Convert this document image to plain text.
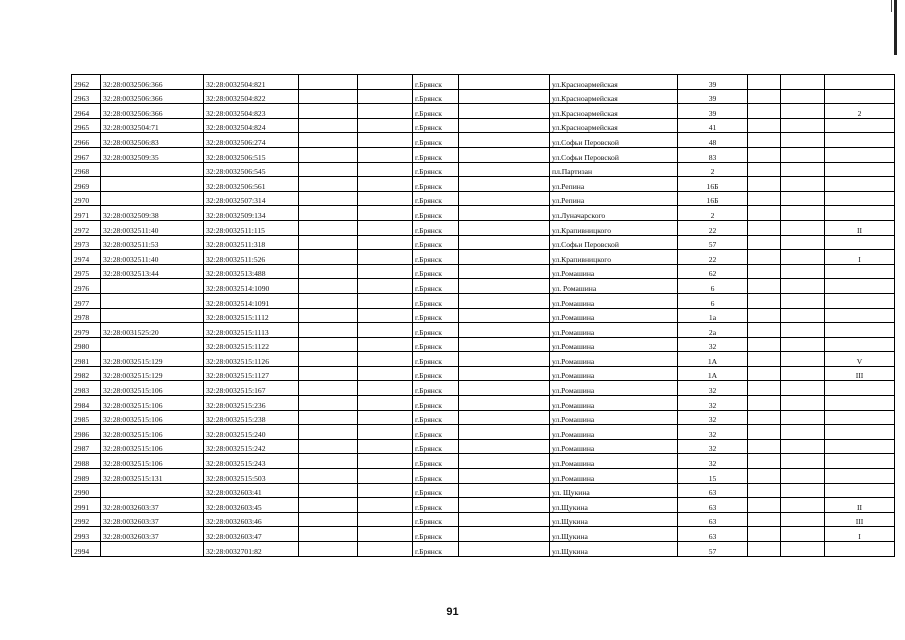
2962	32:28:0032506:366	32:28:0032504:821			г.Брянск		ул.Красноармейская	39			
2963	32:28:0032506:366	32:28:0032504:822			г.Брянск		ул.Красноармейская	39			
2964	32:28:0032506:366	32:28:0032504:823			г.Брянск		ул.Красноармейская	39			2
2965	32:28:0032504:71	32:28:0032504:824			г.Брянск		ул.Красноармейская	41			
2966	32:28:0032506:83	32:28:0032506:274			г.Брянск		ул.Софьи Перовской	48			
2967	32:28:0032509:35	32:28:0032506:515			г.Брянск		ул.Софьи Перовской	83			
2968		32:28:0032506:545			г.Брянск		пл.Партизан	2			
2969		32:28:0032506:561			г.Брянск		ул.Репина	16Б			
2970		32:28:0032507:314			г.Брянск		ул.Репина	16Б			
2971	32:28:0032509:38	32:28:0032509:134			г.Брянск		ул.Луначарского	2			
2972	32:28:0032511:40	32:28:0032511:115			г.Брянск		ул.Крапивницкого	22			II
2973	32:28:0032511:53	32:28:0032511:318			г.Брянск		ул.Софьи Перовской	57			
2974	32:28:0032511:40	32:28:0032511:526			г.Брянск		ул.Крапивницкого	22			I
2975	32:28:0032513:44	32:28:0032513:488			г.Брянск		ул.Ромашина	62			
2976		32:28:0032514:1090			г.Брянск		ул. Ромашина	6			
2977		32:28:0032514:1091			г.Брянск		ул.Ромашина	6			
2978		32:28:0032515:1112			г.Брянск		ул.Ромашина	1а			
2979	32:28:0031525:20	32:28:0032515:1113			г.Брянск		ул.Ромашина	2а			
2980		32:28:0032515:1122			г.Брянск		ул.Ромашина	32			
2981	32:28:0032515:129	32:28:0032515:1126			г.Брянск		ул.Ромашина	1А			V
2982	32:28:0032515:129	32:28:0032515:1127			г.Брянск		ул.Ромашина	1А			III
2983	32:28:0032515:106	32:28:0032515:167			г.Брянск		ул.Ромашина	32			
2984	32:28:0032515:106	32:28:0032515:236			г.Брянск		ул.Ромашина	32			
2985	32:28:0032515:106	32:28:0032515:238			г.Брянск		ул.Ромашина	32			
2986	32:28:0032515:106	32:28:0032515:240			г.Брянск		ул.Ромашина	32			
2987	32:28:0032515:106	32:28:0032515:242			г.Брянск		ул.Ромашина	32			
2988	32:28:0032515:106	32:28:0032515:243			г.Брянск		ул.Ромашина	32			
2989	32:28:0032515:131	32:28:0032515:503			г.Брянск		ул.Ромашина	15			
2990		32:28:0032603:41			г.Брянск		ул. Щукина	63			
2991	32:28:0032603:37	32:28:0032603:45			г.Брянск		ул.Щукина	63			II
2992	32:28:0032603:37	32:28:0032603:46			г.Брянск		ул.Щукина	63			III
2993	32:28:0032603:37	32:28:0032603:47			г.Брянск		ул.Щукина	63			I
2994		32:28:0032701:82			г.Брянск		ул.Щукина	57			
91
